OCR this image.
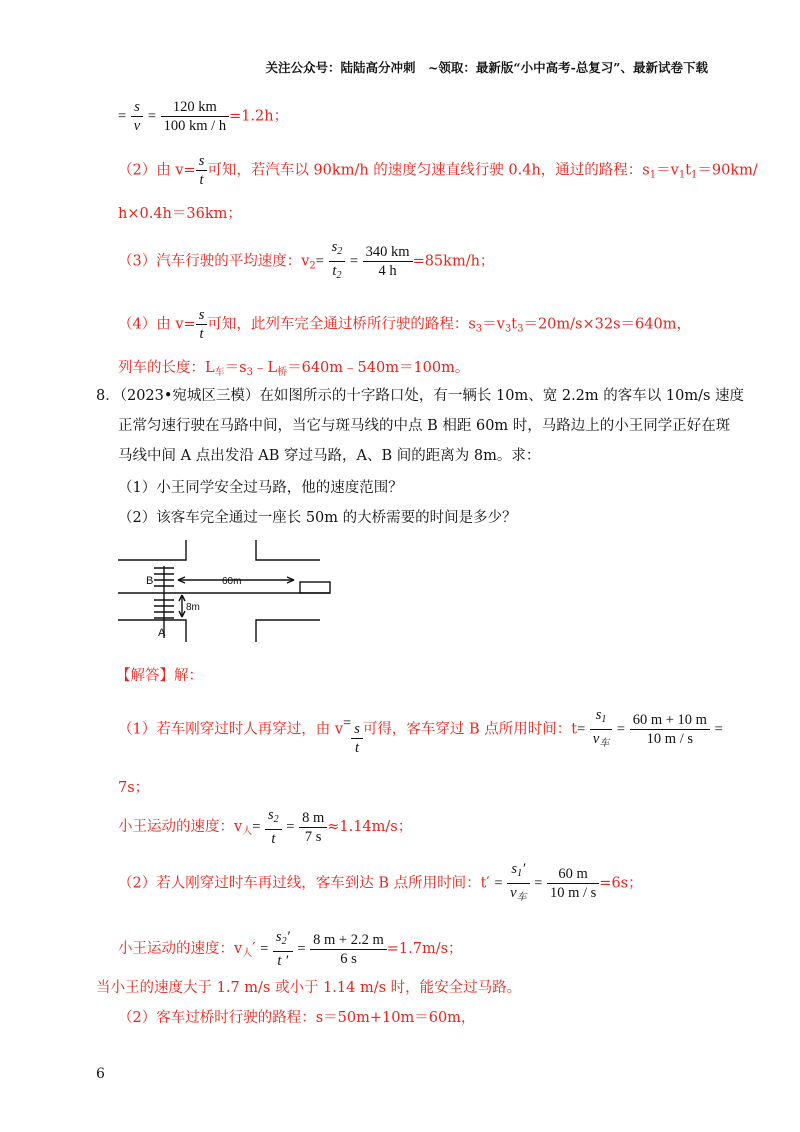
关注公众号：陆陆高分冲刺　~领取：最新版“小中高考-总复习”、最新试卷下载
= $\frac{s}{v} = \frac{120 km}{100 km / h} =1.2h$；
（2）由 $v= \frac{s}{t}$ 可知，若汽车以 90km/h 的速度匀速直线行驶 0.4h，通过的路程：$s_1=v_1t_1=90km/$
h×0.4h＝36km；
（3）汽车行驶的平均速度：$v_2= \frac{s_2}{t_2} = \frac{340 km}{4 h} =85km/h$；
（4）由 $v= \frac{s}{t}$ 可知，此列车完全通过桥所行驶的路程：$s_3=v_3t_3=20m/s\times 32s=640m$，
列车的长度：$L_车=s_3﹣L_桥=640m﹣540m=100m$。
8．（2023•宛城区三模）在如图所示的十字路口处，有一辆长 10m、宽 2.2m 的客车以 10m/s 速度
正常匀速行驶在马路中间，当它与斑马线的中点 B 相距 60m 时，马路边上的小王同学正好在斑
马线中间 A 点出发沿 AB 穿过马路，A、B 间的距离为 8m。求：
（1）小王同学安全过马路，他的速度范围？
（2）该客车完全通过一座长 50m 的大桥需要的时间是多少？
B
A
60m
8m
【解答】解：
（1）若车刚穿过时人再穿过，由 $v= \frac{s}{t}$ 可得，客车穿过 B 点所用时间：$t= \frac{s_1}{v_车} = \frac{60 m + 10 m}{10 m / s}$ =
7s；
小王运动的速度：$v_人= \frac{s_2}{t} = \frac{8 m}{7 s} \approx 1.14m/s$；
（2）若人刚穿过时车再过线，客车到达 B 点所用时间：$t' = \frac{s_1'}{v_车} = \frac{60 m}{10 m / s} =6s$；
小王运动的速度：$v_人' = \frac{s_2'}{t '} = \frac{8 m + 2.2 m}{6 s} =1.7m/s$；
当小王的速度大于 1.7 m/s 或小于 1.14 m/s 时，能安全过马路。
（2）客车过桥时行驶的路程：s＝50m+10m＝60m，
6
